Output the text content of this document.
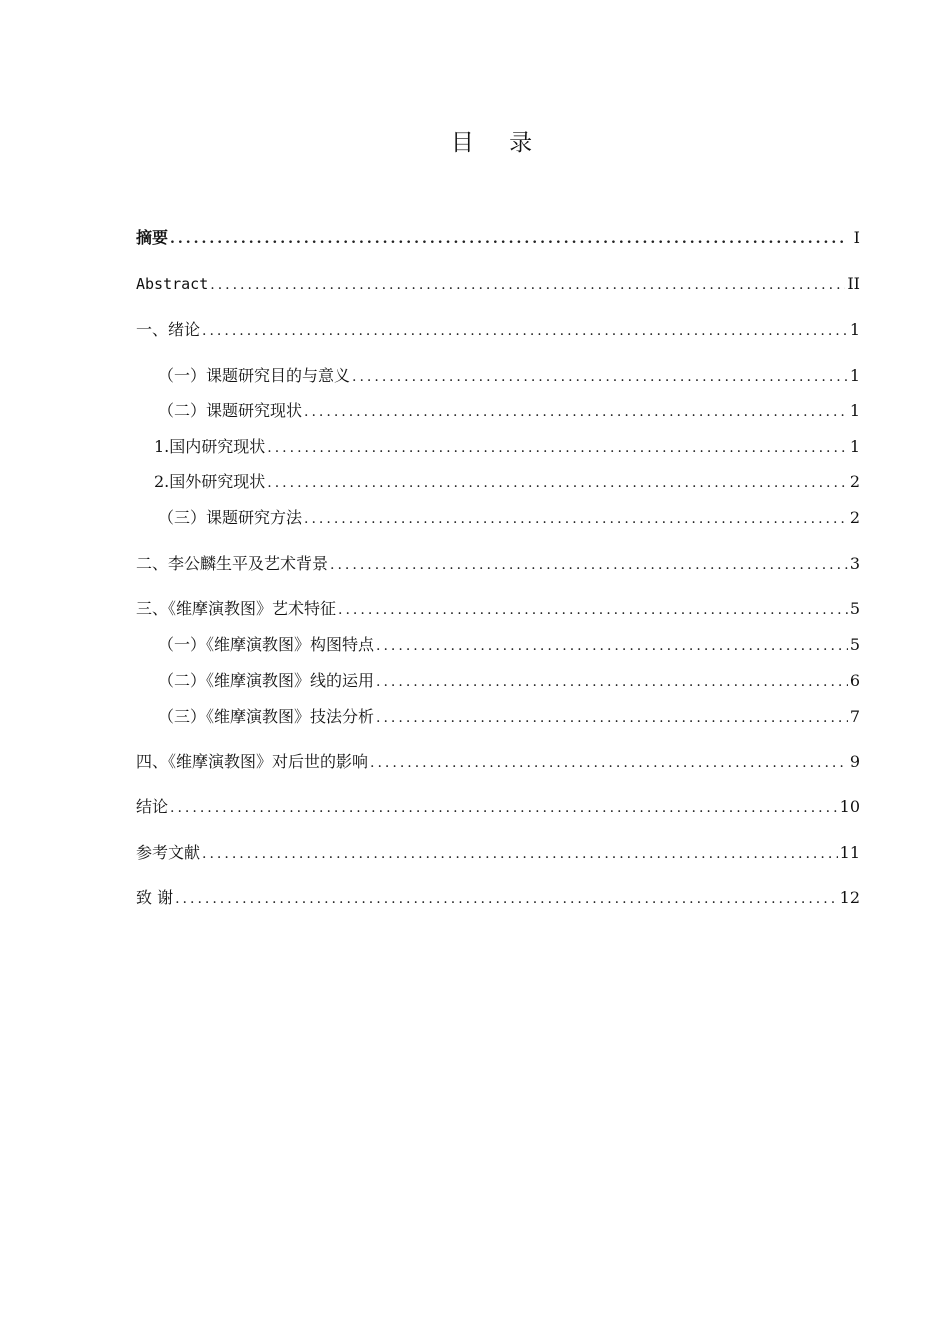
目 录
摘要 .....	I
Abstract .....	II
一、绪论 .....	1
（一）课题研究目的与意义 .....	1
（二）课题研究现状 .....	1
1.国内研究现状 .....	1
2.国外研究现状 .....	2
（三）课题研究方法 .....	2
二、李公麟生平及艺术背景 .....	3
三、《维摩演教图》艺术特征 .....	5
（一）《维摩演教图》构图特点 .....	5
（二）《维摩演教图》线的运用 .....	6
（三）《维摩演教图》技法分析 .....	7
四、《维摩演教图》对后世的影响 .....	9
结论 .....	10
参考文献 .....	11
致 谢 .....	12
